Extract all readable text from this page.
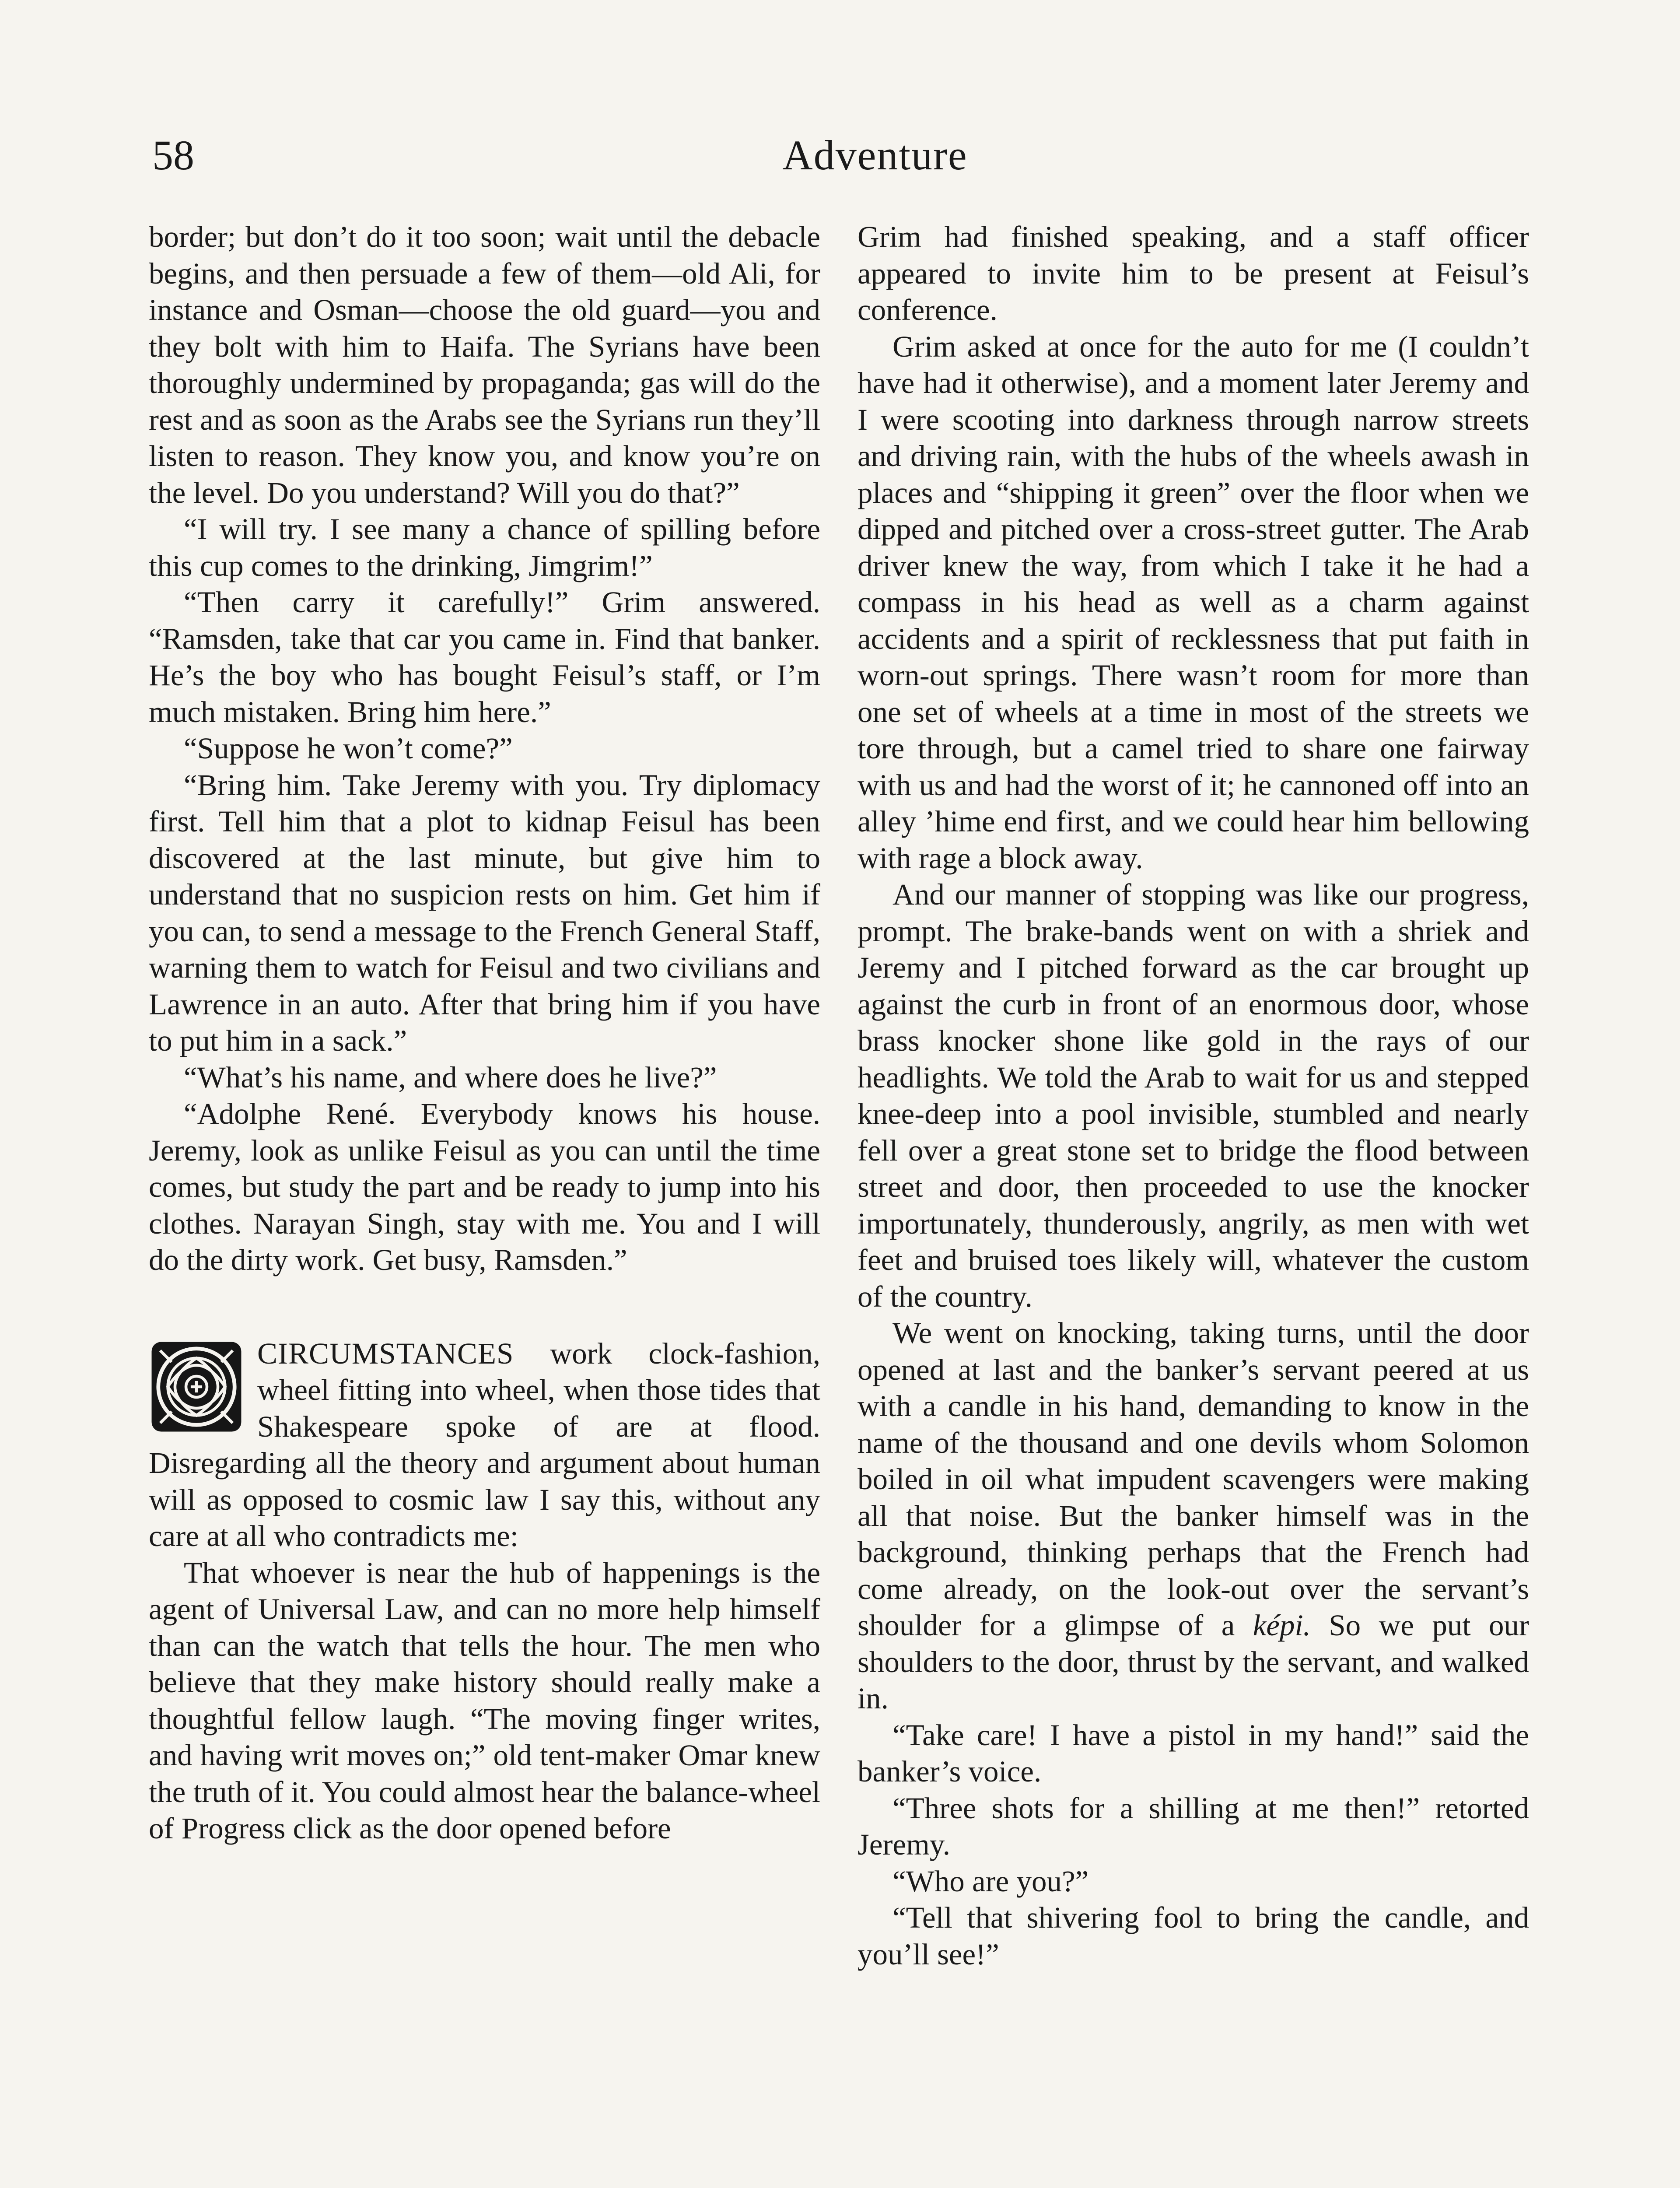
58	Adventure

border; but don’t do it too soon; wait until the debacle begins, and then persuade a few of them—old Ali, for instance and Osman—choose the old guard—you and they bolt with him to Haifa. The Syrians have been thoroughly undermined by propaganda; gas will do the rest and as soon as the Arabs see the Syrians run they’ll listen to reason. They know you, and know you’re on the level. Do you understand? Will you do that?”

“I will try. I see many a chance of spilling before this cup comes to the drinking, Jimgrim!”

“Then carry it carefully!” Grim answered. “Ramsden, take that car you came in. Find that banker. He’s the boy who has bought Feisul’s staff, or I’m much mistaken. Bring him here.”

“Suppose he won’t come?”

“Bring him. Take Jeremy with you. Try diplomacy first. Tell him that a plot to kidnap Feisul has been discovered at the last minute, but give him to understand that no suspicion rests on him. Get him if you can, to send a message to the French General Staff, warning them to watch for Feisul and two civilians and Lawrence in an auto. After that bring him if you have to put him in a sack.”

“What’s his name, and where does he live?”

“Adolphe René. Everybody knows his house. Jeremy, look as unlike Feisul as you can until the time comes, but study the part and be ready to jump into his clothes. Narayan Singh, stay with me. You and I will do the dirty work. Get busy, Ramsden.”

CIRCUMSTANCES work clock-fashion, wheel fitting into wheel, when those tides that Shakespeare spoke of are at flood. Disregarding all the theory and argument about human will as opposed to cosmic law I say this, without any care at all who contradicts me:

That whoever is near the hub of happenings is the agent of Universal Law, and can no more help himself than can the watch that tells the hour. The men who believe that they make history should really make a thoughtful fellow laugh. “The moving finger writes, and having writ moves on;” old tent-maker Omar knew the truth of it. You could almost hear the balance-wheel of Progress click as the door opened before

Grim had finished speaking, and a staff officer appeared to invite him to be present at Feisul’s conference.

Grim asked at once for the auto for me (I couldn’t have had it otherwise), and a moment later Jeremy and I were scooting into darkness through narrow streets and driving rain, with the hubs of the wheels awash in places and “shipping it green” over the floor when we dipped and pitched over a cross-street gutter. The Arab driver knew the way, from which I take it he had a compass in his head as well as a charm against accidents and a spirit of recklessness that put faith in worn-out springs. There wasn’t room for more than one set of wheels at a time in most of the streets we tore through, but a camel tried to share one fairway with us and had the worst of it; he cannoned off into an alley ’hime end first, and we could hear him bellowing with rage a block away.

And our manner of stopping was like our progress, prompt. The brake-bands went on with a shriek and Jeremy and I pitched forward as the car brought up against the curb in front of an enormous door, whose brass knocker shone like gold in the rays of our headlights. We told the Arab to wait for us and stepped knee-deep into a pool invisible, stumbled and nearly fell over a great stone set to bridge the flood between street and door, then proceeded to use the knocker importunately, thunderously, angrily, as men with wet feet and bruised toes likely will, whatever the custom of the country.

We went on knocking, taking turns, until the door opened at last and the banker’s servant peered at us with a candle in his hand, demanding to know in the name of the thousand and one devils whom Solomon boiled in oil what impudent scavengers were making all that noise. But the banker himself was in the background, thinking perhaps that the French had come already, on the look-out over the servant’s shoulder for a glimpse of a képi. So we put our shoulders to the door, thrust by the servant, and walked in.

“Take care! I have a pistol in my hand!” said the banker’s voice.

“Three shots for a shilling at me then!” retorted Jeremy.

“Who are you?”

“Tell that shivering fool to bring the candle, and you’ll see!”
